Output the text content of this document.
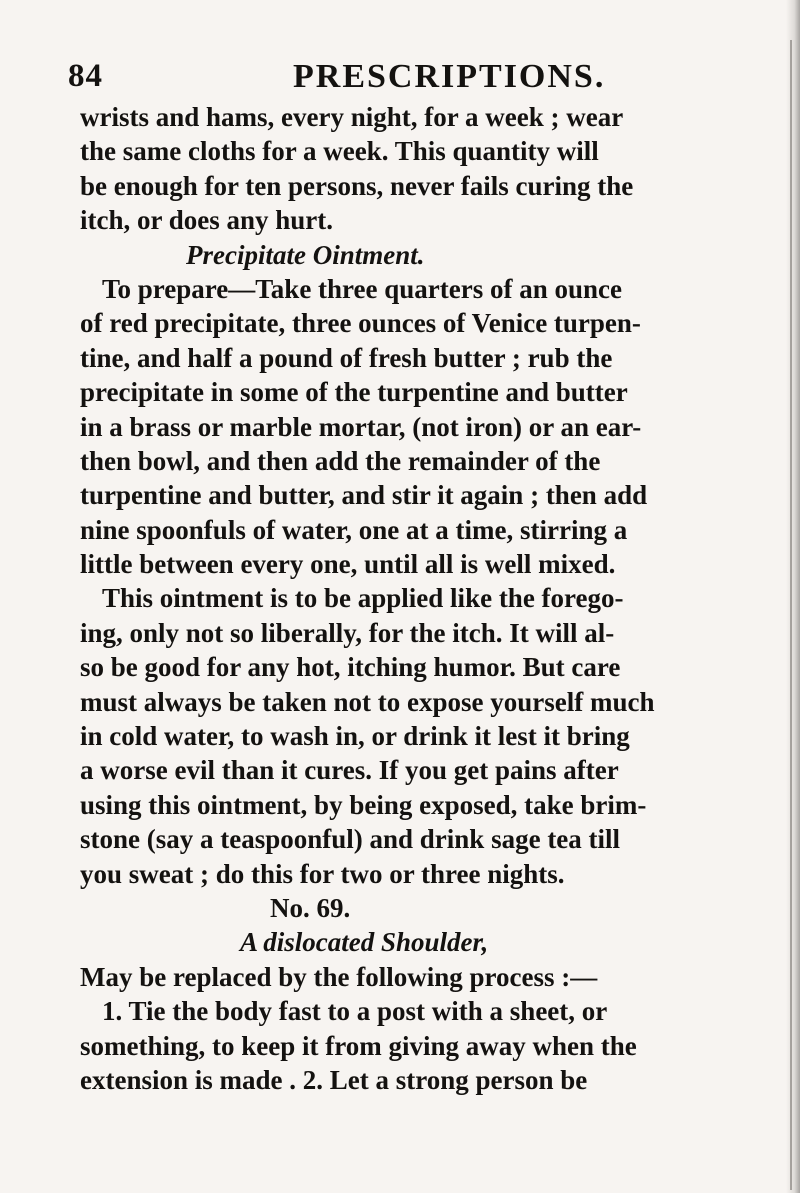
84	PRESCRIPTIONS.
wrists and hams, every night, for a week ; wear
the same cloths for a week. This quantity will
be enough for ten persons, never fails curing the
itch, or does any hurt.
Precipitate Ointment.
To prepare—Take three quarters of an ounce
of red precipitate, three ounces of Venice turpen-
tine, and half a pound of fresh butter ; rub the
precipitate in some of the turpentine and butter
in a brass or marble mortar, (not iron) or an ear-
then bowl, and then add the remainder of the
turpentine and butter, and stir it again ; then add
nine spoonfuls of water, one at a time, stirring a
little between every one, until all is well mixed.
This ointment is to be applied like the forego-
ing, only not so liberally, for the itch. It will al-
so be good for any hot, itching humor. But care
must always be taken not to expose yourself much
in cold water, to wash in, or drink it lest it bring
a worse evil than it cures. If you get pains after
using this ointment, by being exposed, take brim-
stone (say a teaspoonful) and drink sage tea till
you sweat ; do this for two or three nights.
No. 69.
A dislocated Shoulder,
May be replaced by the following process :—
1. Tie the body fast to a post with a sheet, or
something, to keep it from giving away when the
extension is made . 2. Let a strong person be
